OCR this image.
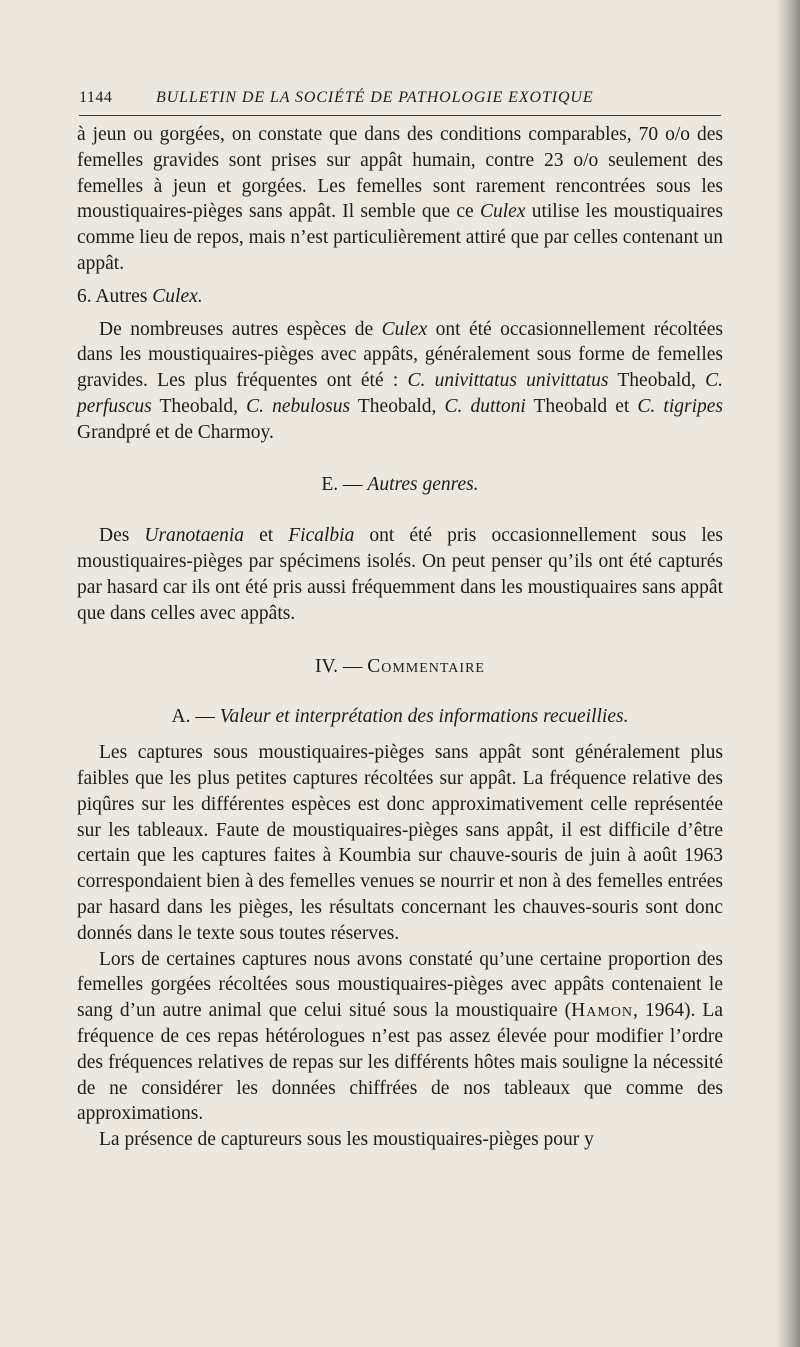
1144	BULLETIN DE LA SOCIÉTÉ DE PATHOLOGIE EXOTIQUE

à jeun ou gorgées, on constate que dans des conditions comparables, 70 o/o des femelles gravides sont prises sur appât humain, contre 23 o/o seulement des femelles à jeun et gorgées. Les femelles sont rarement rencontrées sous les moustiquaires-pièges sans appât. Il semble que ce Culex utilise les moustiquaires comme lieu de repos, mais n’est particulièrement attiré que par celles contenant un appât.

6. Autres Culex.

De nombreuses autres espèces de Culex ont été occasionnellement récoltées dans les moustiquaires-pièges avec appâts, généralement sous forme de femelles gravides. Les plus fréquentes ont été : C. univittatus univittatus Theobald, C. perfuscus Theobald, C. nebulosus Theobald, C. duttoni Theobald et C. tigripes Grandpré et de Charmoy.

E. — Autres genres.

Des Uranotaenia et Ficalbia ont été pris occasionnellement sous les moustiquaires-pièges par spécimens isolés. On peut penser qu’ils ont été capturés par hasard car ils ont été pris aussi fréquemment dans les moustiquaires sans appât que dans celles avec appâts.

IV. — Commentaire

A. — Valeur et interprétation des informations recueillies.

Les captures sous moustiquaires-pièges sans appât sont généralement plus faibles que les plus petites captures récoltées sur appât. La fréquence relative des piqûres sur les différentes espèces est donc approximativement celle représentée sur les tableaux. Faute de moustiquaires-pièges sans appât, il est difficile d’être certain que les captures faites à Koumbia sur chauve-souris de juin à août 1963 correspondaient bien à des femelles venues se nourrir et non à des femelles entrées par hasard dans les pièges, les résultats concernant les chauves-souris sont donc donnés dans le texte sous toutes réserves.

Lors de certaines captures nous avons constaté qu’une certaine proportion des femelles gorgées récoltées sous moustiquaires-pièges avec appâts contenaient le sang d’un autre animal que celui situé sous la moustiquaire (Hamon, 1964). La fréquence de ces repas hétérologues n’est pas assez élevée pour modifier l’ordre des fréquences relatives de repas sur les différents hôtes mais souligne la nécessité de ne considérer les données chiffrées de nos tableaux que comme des approximations.

La présence de captureurs sous les moustiquaires-pièges pour y
